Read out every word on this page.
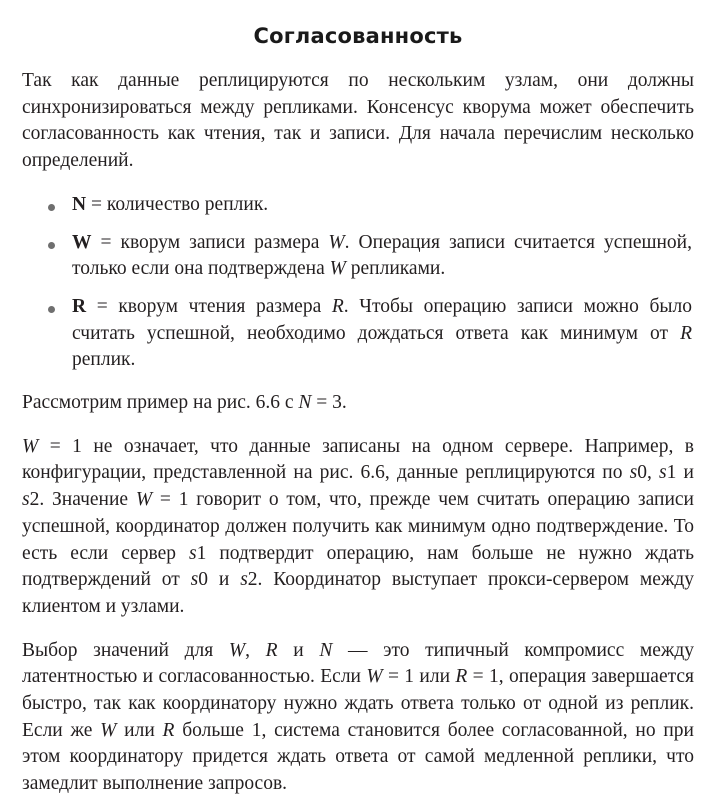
Согласованность

Так как данные реплицируются по нескольким узлам, они должны синхронизироваться между репликами. Консенсус кворума может обеспечить согласованность как чтения, так и записи. Для начала перечислим несколько определений.

N = количество реплик.
W = кворум записи размера W. Операция записи считается успешной, только если она подтверждена W репликами.
R = кворум чтения размера R. Чтобы операцию записи можно было считать успешной, необходимо дождаться ответа как минимум от R реплик.

Рассмотрим пример на рис. 6.6 с N = 3.

W = 1 не означает, что данные записаны на одном сервере. Например, в конфигурации, представленной на рис. 6.6, данные реплицируются по s0, s1 и s2. Значение W = 1 говорит о том, что, прежде чем считать операцию записи успешной, координатор должен получить как минимум одно подтверждение. То есть если сервер s1 подтвердит операцию, нам больше не нужно ждать подтверждений от s0 и s2. Координатор выступает прокси-сервером между клиентом и узлами.

Выбор значений для W, R и N — это типичный компромисс между латентностью и согласованностью. Если W = 1 или R = 1, операция завершается быстро, так как координатору нужно ждать ответа только от одной из реплик. Если же W или R больше 1, система становится более согласованной, но при этом координатору придется ждать ответа от самой медленной реплики, что замедлит выполнение запросов.
